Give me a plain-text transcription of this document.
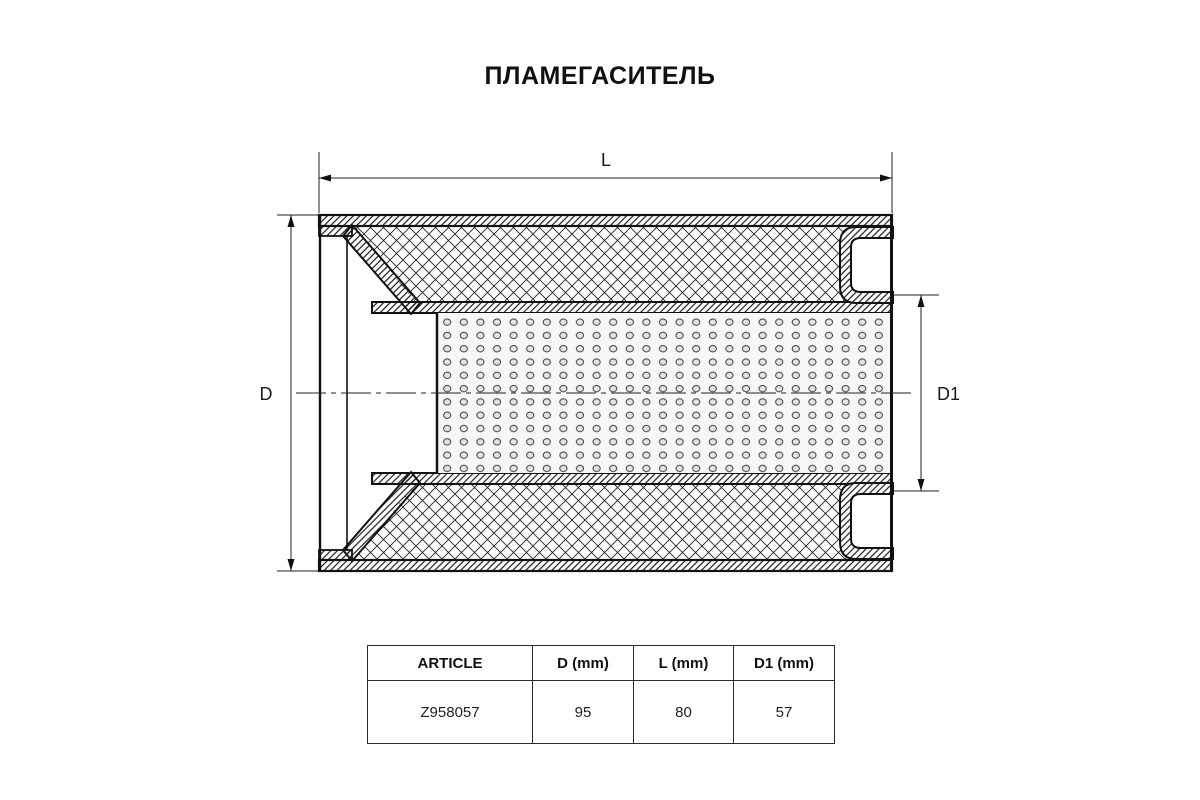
ПЛАМЕГАСИТЕЛЬ
L
D	D1
ARTICLE	D (mm)	L (mm)	D1 (mm)
Z958057	95	80	57
